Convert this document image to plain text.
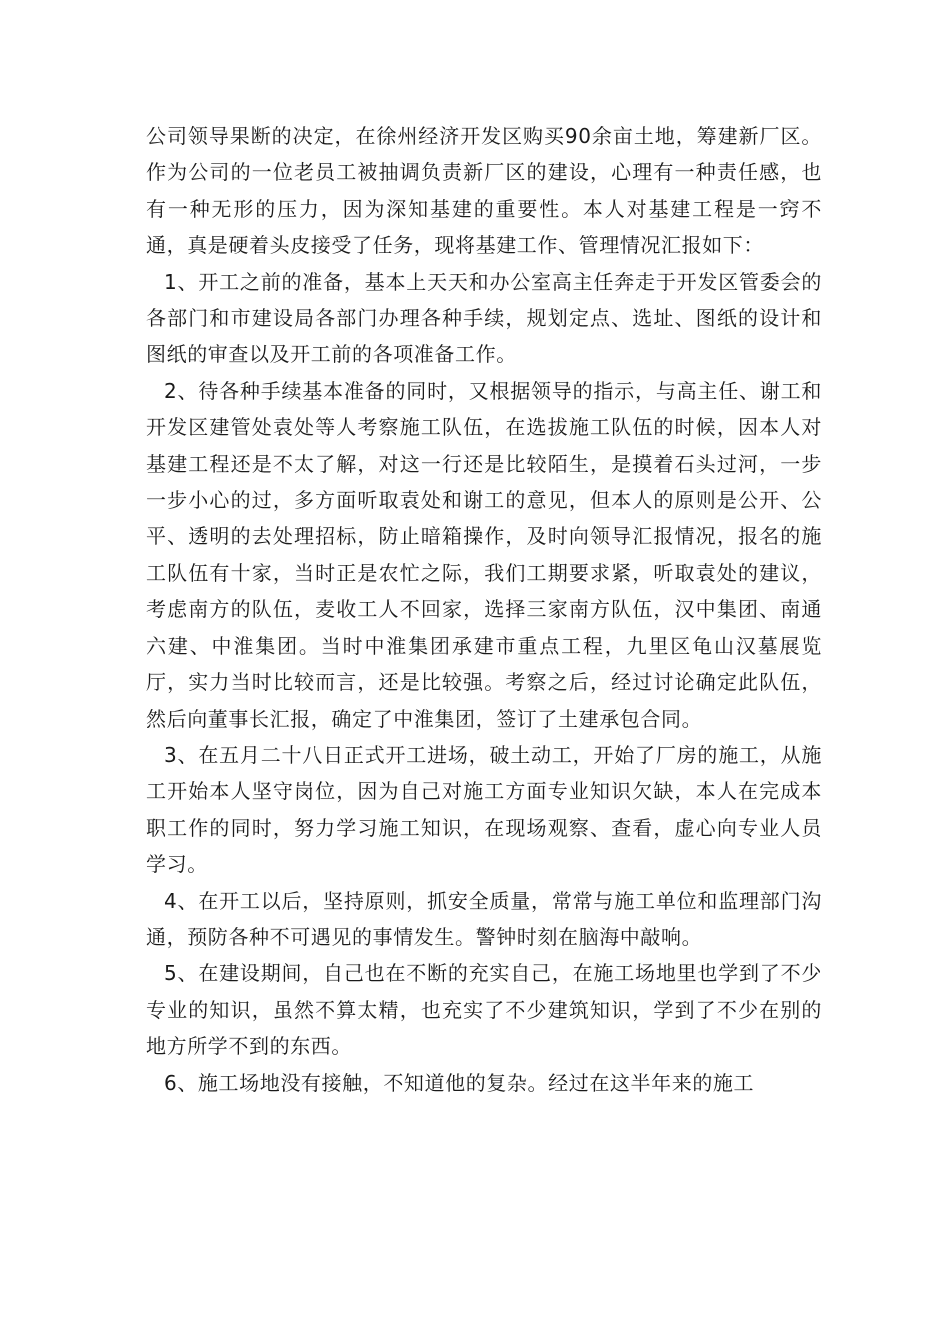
公司领导果断的决定，在徐州经济开发区购买90余亩土地，筹建新厂区。作为公司的一位老员工被抽调负责新厂区的建设，心理有一种责任感，也有一种无形的压力，因为深知基建的重要性。本人对基建工程是一窍不通，真是硬着头皮接受了任务，现将基建工作、管理情况汇报如下：

1、开工之前的准备，基本上天天和办公室高主任奔走于开发区管委会的各部门和市建设局各部门办理各种手续，规划定点、选址、图纸的设计和图纸的审查以及开工前的各项准备工作。

2、待各种手续基本准备的同时，又根据领导的指示，与高主任、谢工和开发区建管处袁处等人考察施工队伍，在选拔施工队伍的时候，因本人对基建工程还是不太了解，对这一行还是比较陌生，是摸着石头过河，一步一步小心的过，多方面听取袁处和谢工的意见，但本人的原则是公开、公平、透明的去处理招标，防止暗箱操作，及时向领导汇报情况，报名的施工队伍有十家，当时正是农忙之际，我们工期要求紧，听取袁处的建议，考虑南方的队伍，麦收工人不回家，选择三家南方队伍，汉中集团、南通六建、中淮集团。当时中淮集团承建市重点工程，九里区龟山汉墓展览厅，实力当时比较而言，还是比较强。考察之后，经过讨论确定此队伍，然后向董事长汇报，确定了中淮集团，签订了土建承包合同。

3、在五月二十八日正式开工进场，破土动工，开始了厂房的施工，从施工开始本人坚守岗位，因为自己对施工方面专业知识欠缺，本人在完成本职工作的同时，努力学习施工知识，在现场观察、查看，虚心向专业人员学习。

4、在开工以后，坚持原则，抓安全质量，常常与施工单位和监理部门沟通，预防各种不可遇见的事情发生。警钟时刻在脑海中敲响。

5、在建设期间，自己也在不断的充实自己，在施工场地里也学到了不少专业的知识，虽然不算太精，也充实了不少建筑知识，学到了不少在别的地方所学不到的东西。

6、施工场地没有接触，不知道他的复杂。经过在这半年来的施工
